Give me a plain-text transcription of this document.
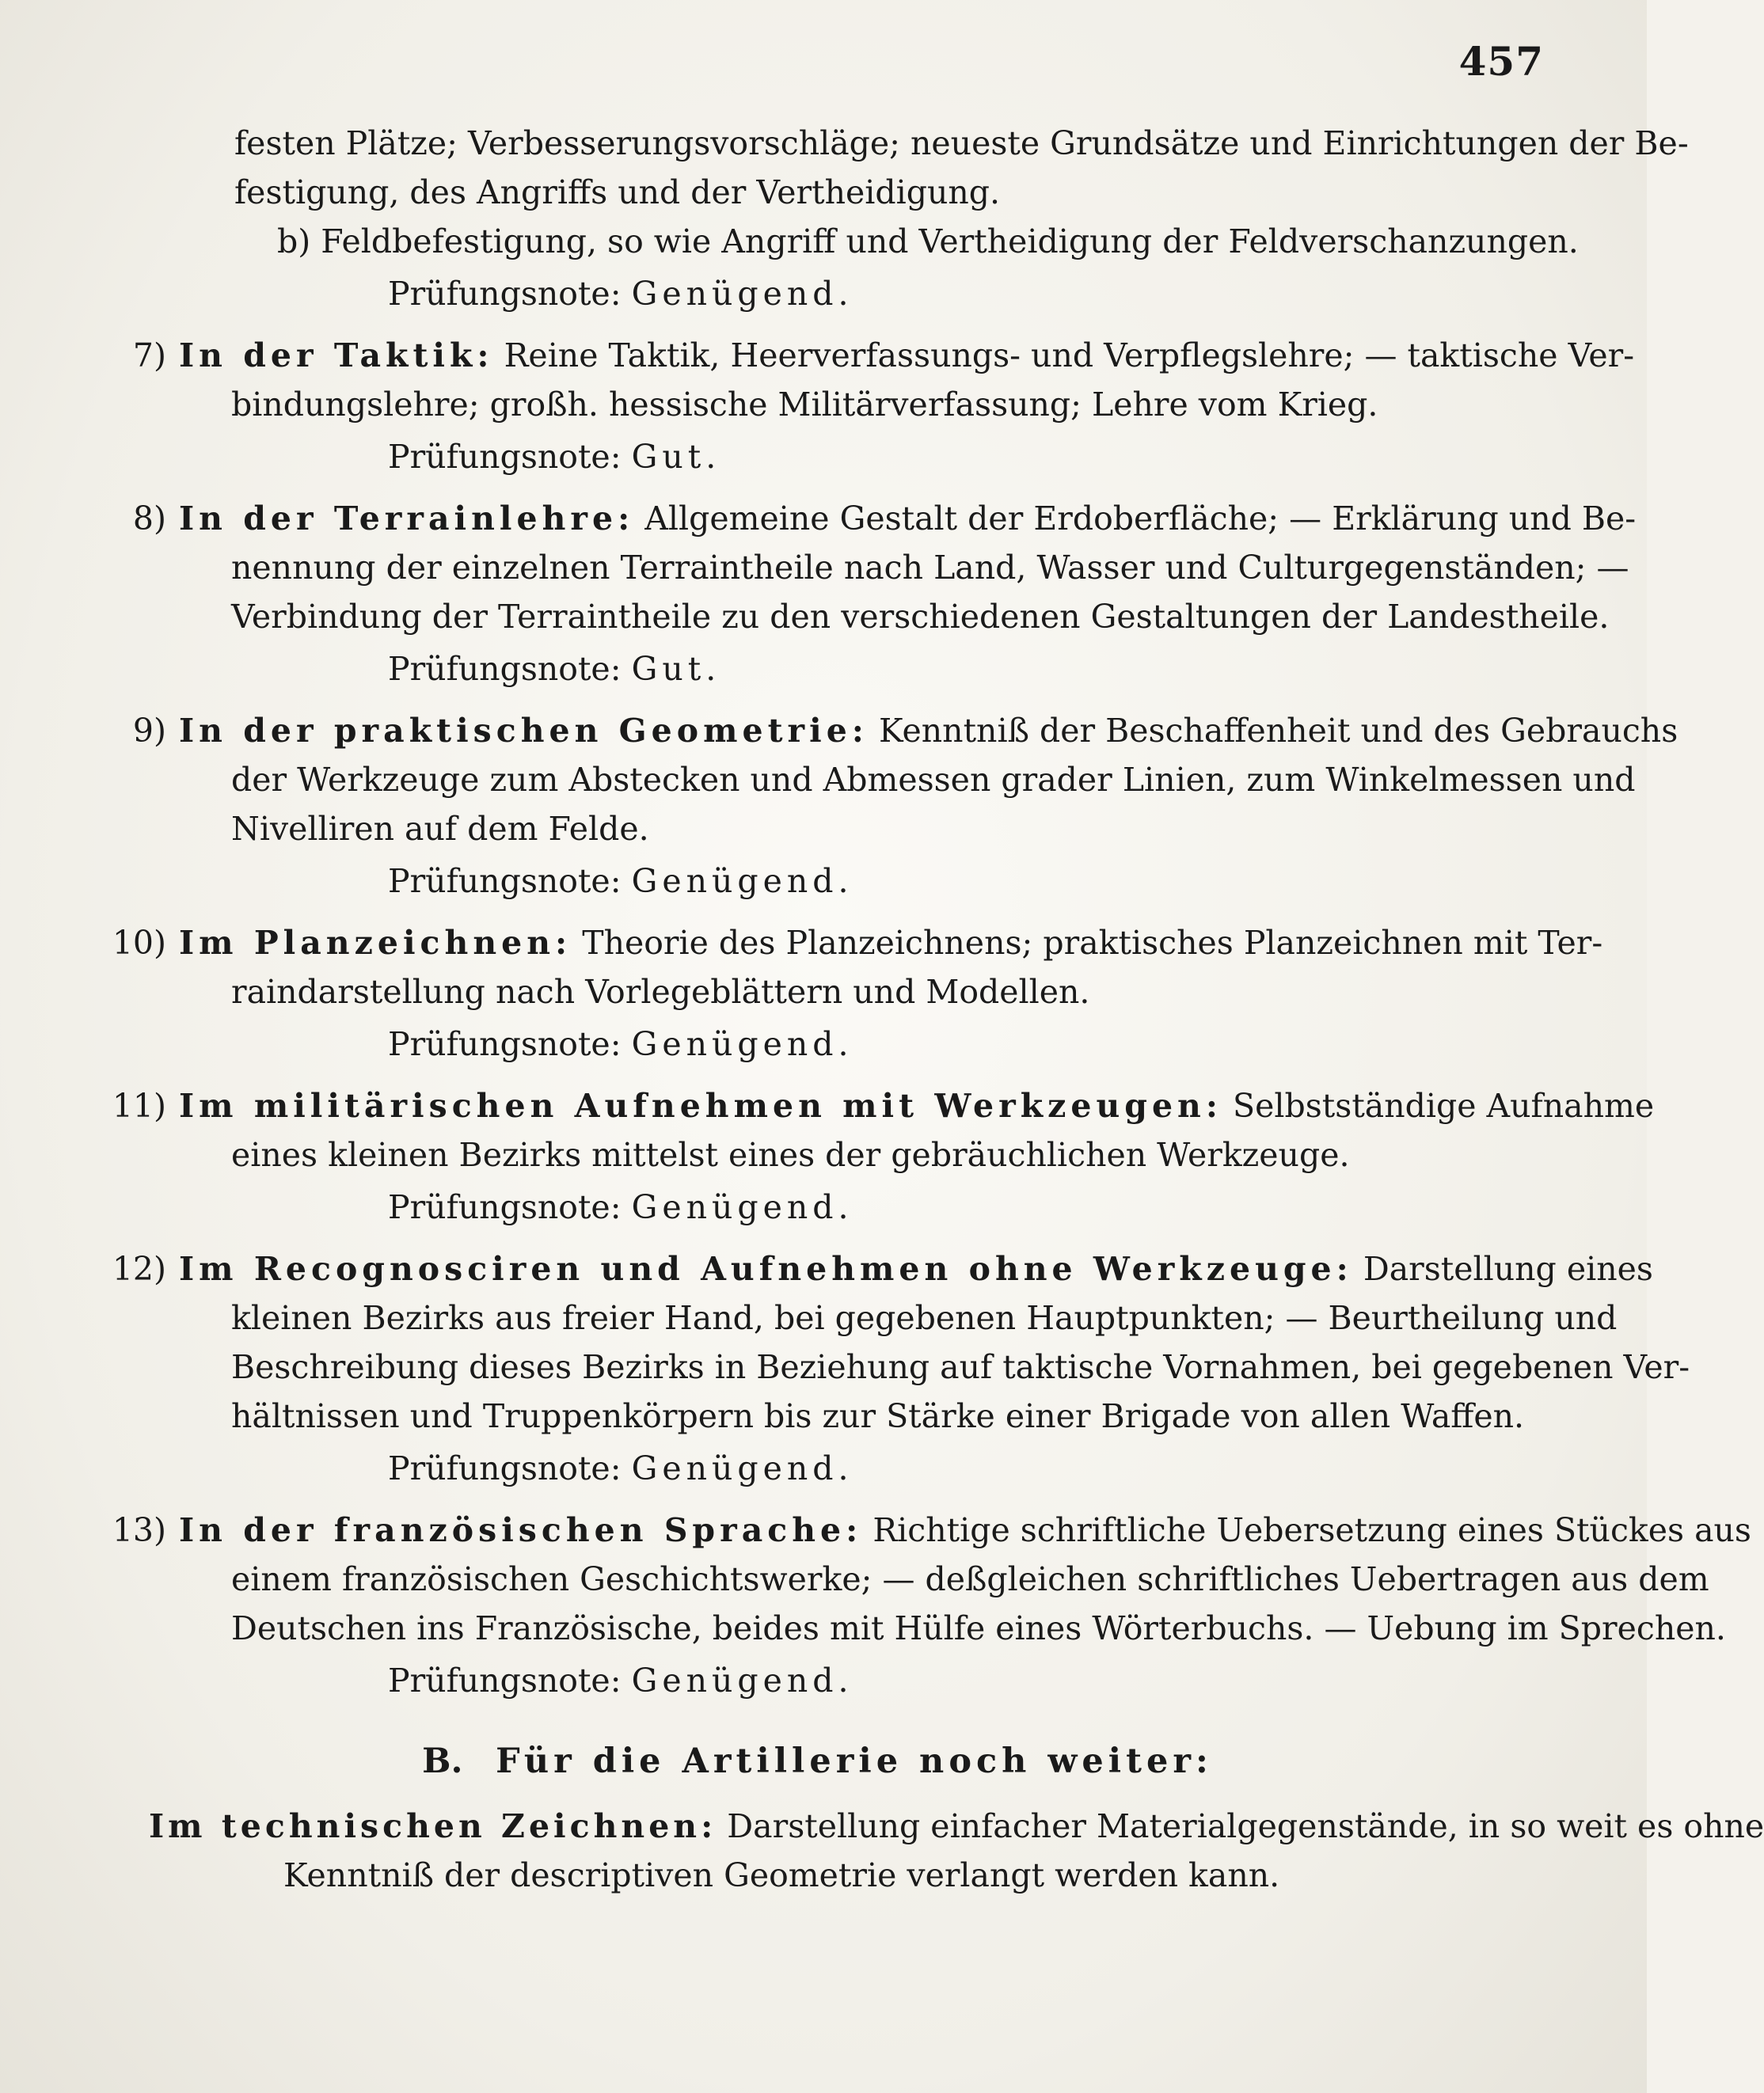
457
festen Plätze; Verbesserungsvorschläge; neueste Grundsätze und Einrichtungen der Be-
festigung, des Angriffs und der Vertheidigung.
b) Feldbefestigung, so wie Angriff und Vertheidigung der Feldverschanzungen.
Prüfungsnote: Genügend.
7) In der Taktik: Reine Taktik, Heerverfassungs- und Verpflegslehre; — taktische Ver-
bindungslehre; großh. hessische Militärverfassung; Lehre vom Krieg.
Prüfungsnote: Gut.
8) In der Terrainlehre: Allgemeine Gestalt der Erdoberfläche; — Erklärung und Be-
nennung der einzelnen Terraintheile nach Land, Wasser und Culturgegenständen; —
Verbindung der Terraintheile zu den verschiedenen Gestaltungen der Landestheile.
Prüfungsnote: Gut.
9) In der praktischen Geometrie: Kenntniß der Beschaffenheit und des Gebrauchs
der Werkzeuge zum Abstecken und Abmessen grader Linien, zum Winkelmessen und
Nivelliren auf dem Felde.
Prüfungsnote: Genügend.
10) Im Planzeichnen: Theorie des Planzeichnens; praktisches Planzeichnen mit Ter-
raindarstellung nach Vorlegeblättern und Modellen.
Prüfungsnote: Genügend.
11) Im militärischen Aufnehmen mit Werkzeugen: Selbstständige Aufnahme
eines kleinen Bezirks mittelst eines der gebräuchlichen Werkzeuge.
Prüfungsnote: Genügend.
12) Im Recognosciren und Aufnehmen ohne Werkzeuge: Darstellung eines
kleinen Bezirks aus freier Hand, bei gegebenen Hauptpunkten; — Beurtheilung und
Beschreibung dieses Bezirks in Beziehung auf taktische Vornahmen, bei gegebenen Ver-
hältnissen und Truppenkörpern bis zur Stärke einer Brigade von allen Waffen.
Prüfungsnote: Genügend.
13) In der französischen Sprache: Richtige schriftliche Uebersetzung eines Stückes aus
einem französischen Geschichtswerke; — deßgleichen schriftliches Uebertragen aus dem
Deutschen ins Französische, beides mit Hülfe eines Wörterbuchs. — Uebung im Sprechen.
Prüfungsnote: Genügend.
B. Für die Artillerie noch weiter:
Im technischen Zeichnen: Darstellung einfacher Materialgegenstände, in so weit es ohne
Kenntniß der descriptiven Geometrie verlangt werden kann.
